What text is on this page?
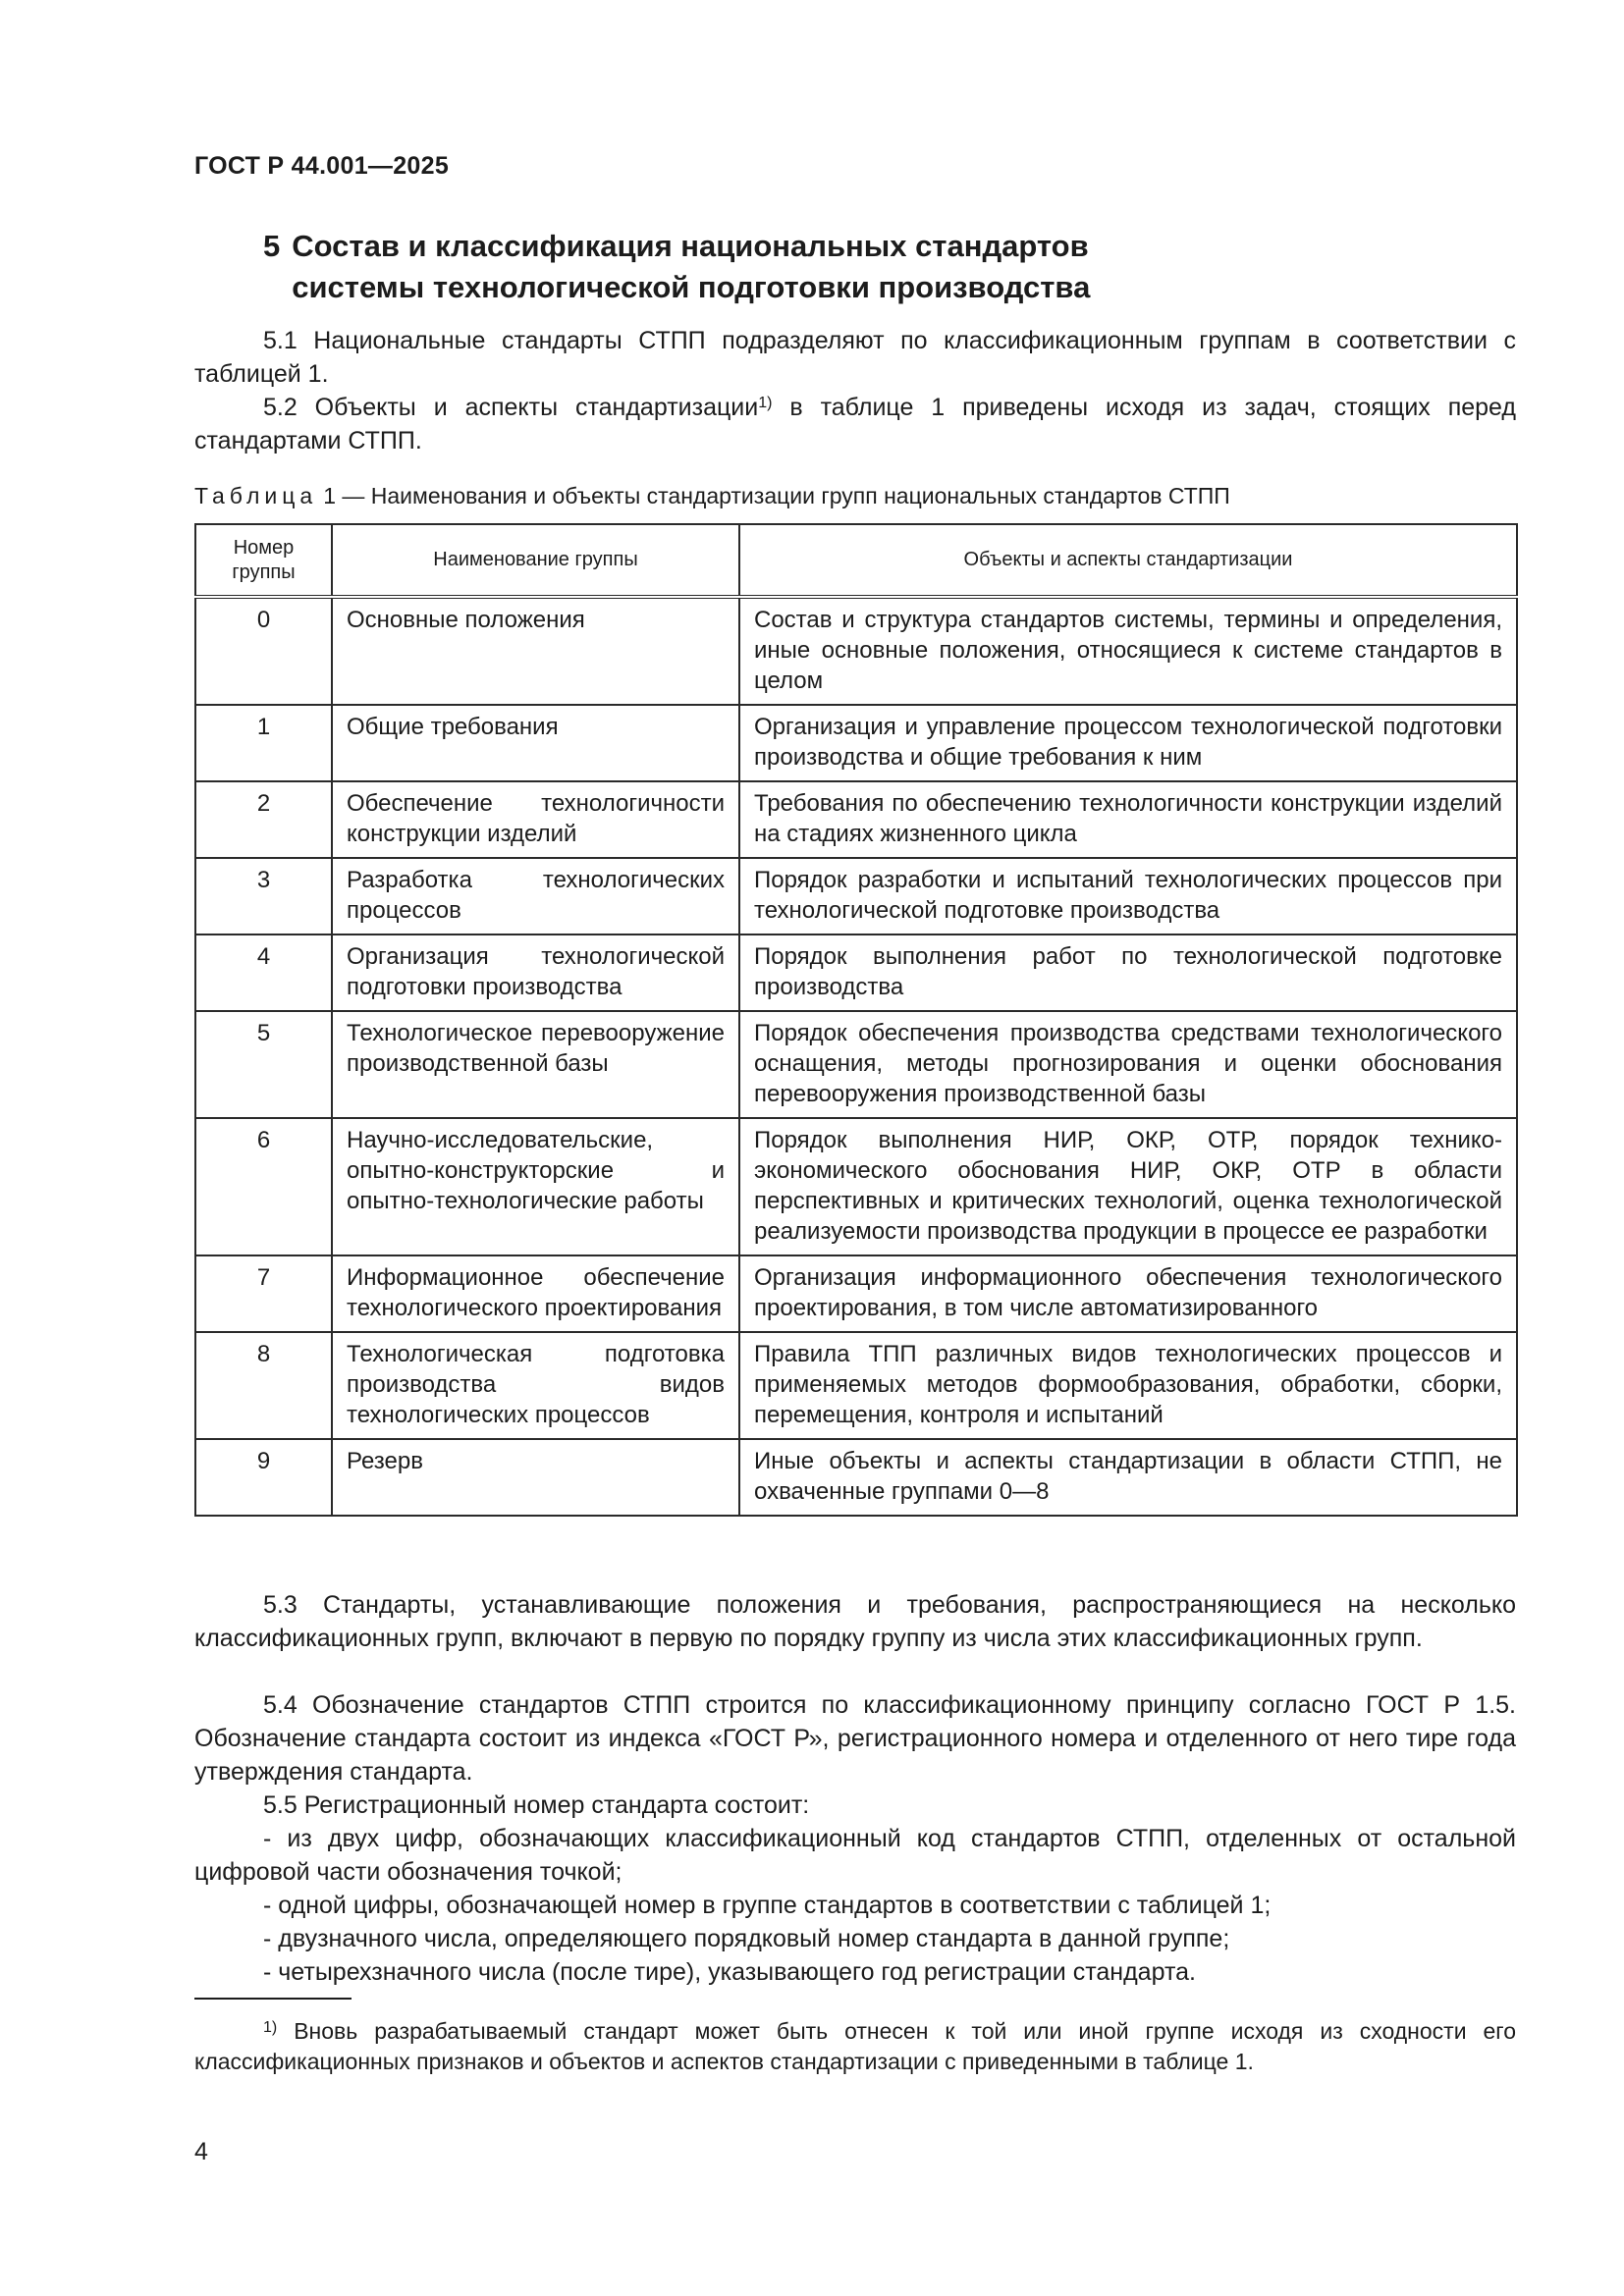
ГОСТ Р 44.001—2025
5 Состав и классификация национальных стандартов
системы технологической подготовки производства
5.1 Национальные стандарты СТПП подразделяют по классификационным группам в соответствии с таблицей 1.
5.2 Объекты и аспекты стандартизации$^{1)}$ в таблице 1 приведены исходя из задач, стоящих перед стандартами СТПП.
Таблица 1 — Наименования и объекты стандартизации групп национальных стандартов СТПП
Номер группы	Наименование группы	Объекты и аспекты стандартизации
0	Основные положения	Состав и структура стандартов системы, термины и определения, иные основные положения, относящиеся к системе стандартов в целом
1	Общие требования	Организация и управление процессом технологической подготовки производства и общие требования к ним
2	Обеспечение технологичности конструкции изделий	Требования по обеспечению технологичности конструкции изделий на стадиях жизненного цикла
3	Разработка технологических процессов	Порядок разработки и испытаний технологических процессов при технологической подготовке производства
4	Организация технологической подготовки производства	Порядок выполнения работ по технологической подготовке производства
5	Технологическое перевооружение производственной базы	Порядок обеспечения производства средствами технологического оснащения, методы прогнозирования и оценки обоснования перевооружения производственной базы
6	Научно-исследовательские, опытно-конструкторские и опытно-технологические работы	Порядок выполнения НИР, ОКР, ОТР, порядок технико-экономического обоснования НИР, ОКР, ОТР в области перспективных и критических технологий, оценка технологической реализуемости производства продукции в процессе ее разработки
7	Информационное обеспечение технологического проектирования	Организация информационного обеспечения технологического проектирования, в том числе автоматизированного
8	Технологическая подготовка производства видов технологических процессов	Правила ТПП различных видов технологических процессов и применяемых методов формообразования, обработки, сборки, перемещения, контроля и испытаний
9	Резерв	Иные объекты и аспекты стандартизации в области СТПП, не охваченные группами 0—8
5.3 Стандарты, устанавливающие положения и требования, распространяющиеся на несколько классификационных групп, включают в первую по порядку группу из числа этих классификационных групп.
5.4 Обозначение стандартов СТПП строится по классификационному принципу согласно ГОСТ Р 1.5. Обозначение стандарта состоит из индекса «ГОСТ Р», регистрационного номера и отделенного от него тире года утверждения стандарта.
5.5 Регистрационный номер стандарта состоит:
- из двух цифр, обозначающих классификационный код стандартов СТПП, отделенных от остальной цифровой части обозначения точкой;
- одной цифры, обозначающей номер в группе стандартов в соответствии с таблицей 1;
- двузначного числа, определяющего порядковый номер стандарта в данной группе;
- четырехзначного числа (после тире), указывающего год регистрации стандарта.
$^{1)}$ Вновь разрабатываемый стандарт может быть отнесен к той или иной группе исходя из сходности его классификационных признаков и объектов и аспектов стандартизации с приведенными в таблице 1.
4
